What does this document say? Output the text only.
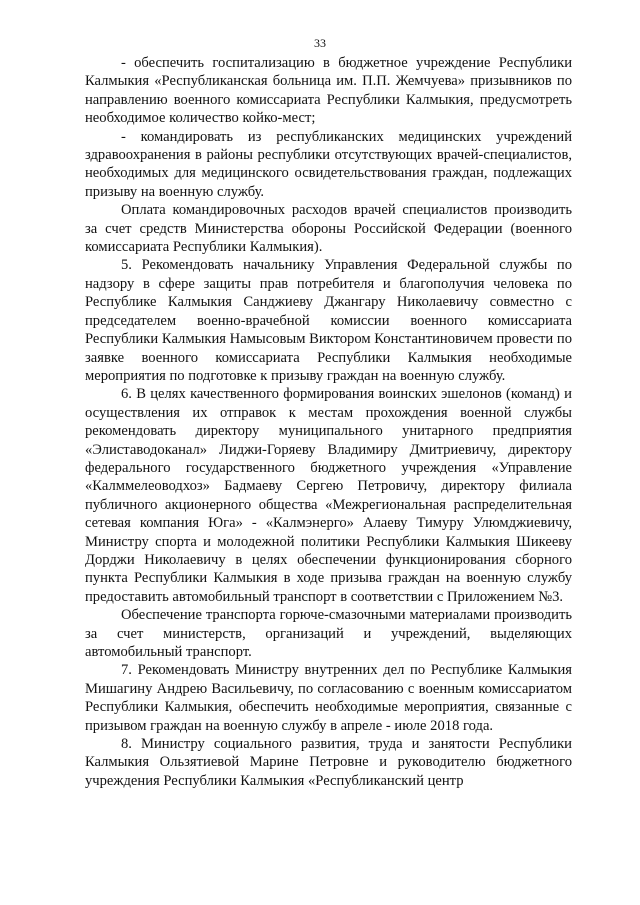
33

- обеспечить госпитализацию в бюджетное учреждение Республики Калмыкия «Республиканская больница им. П.П. Жемчуева» призывников по направлению военного комиссариата Республики Калмыкия, предусмотреть необходимое количество койко-мест;

- командировать из республиканских медицинских учреждений здравоохранения в районы республики отсутствующих врачей-специалистов, необходимых для медицинского освидетельствования граждан, подлежащих призыву на военную службу.

Оплата командировочных расходов врачей специалистов производить за счет средств Министерства обороны Российской Федерации (военного комиссариата Республики Калмыкия).

5. Рекомендовать начальнику Управления Федеральной службы по надзору в сфере защиты прав потребителя и благополучия человека по Республике Калмыкия Санджиеву Джангару Николаевичу совместно с председателем военно-врачебной комиссии военного комиссариата Республики Калмыкия Намысовым Виктором Константиновичем провести по заявке военного комиссариата Республики Калмыкия необходимые мероприятия по подготовке к призыву граждан на военную службу.

6. В целях качественного формирования воинских эшелонов (команд) и осуществления их отправок к местам прохождения военной службы рекомендовать директору муниципального унитарного предприятия «Элиставодоканал» Лиджи-Горяеву Владимиру Дмитриевичу, директору федерального государственного бюджетного учреждения «Управление «Калммелеоводхоз» Бадмаеву Сергею Петровичу, директору филиала публичного акционерного общества «Межрегиональная распределительная сетевая компания Юга» - «Калмэнерго» Алаеву Тимуру Улюмджиевичу, Министру спорта и молодежной политики Республики Калмыкия Шикееву Дорджи Николаевичу в целях обеспечении функционирования сборного пункта Республики Калмыкия в ходе призыва граждан на военную службу предоставить автомобильный транспорт в соответствии с Приложением №3.

Обеспечение транспорта горюче-смазочными материалами производить за счет министерств, организаций и учреждений, выделяющих автомобильный транспорт.

7. Рекомендовать Министру внутренних дел по Республике Калмыкия Мишагину Андрею Васильевичу, по согласованию с военным комиссариатом Республики Калмыкия, обеспечить необходимые мероприятия, связанные с призывом граждан на военную службу в апреле - июле 2018 года.

8. Министру социального развития, труда и занятости Республики Калмыкия Ользятиевой Марине Петровне и руководителю бюджетного учреждения Республики Калмыкия «Республиканский центр
